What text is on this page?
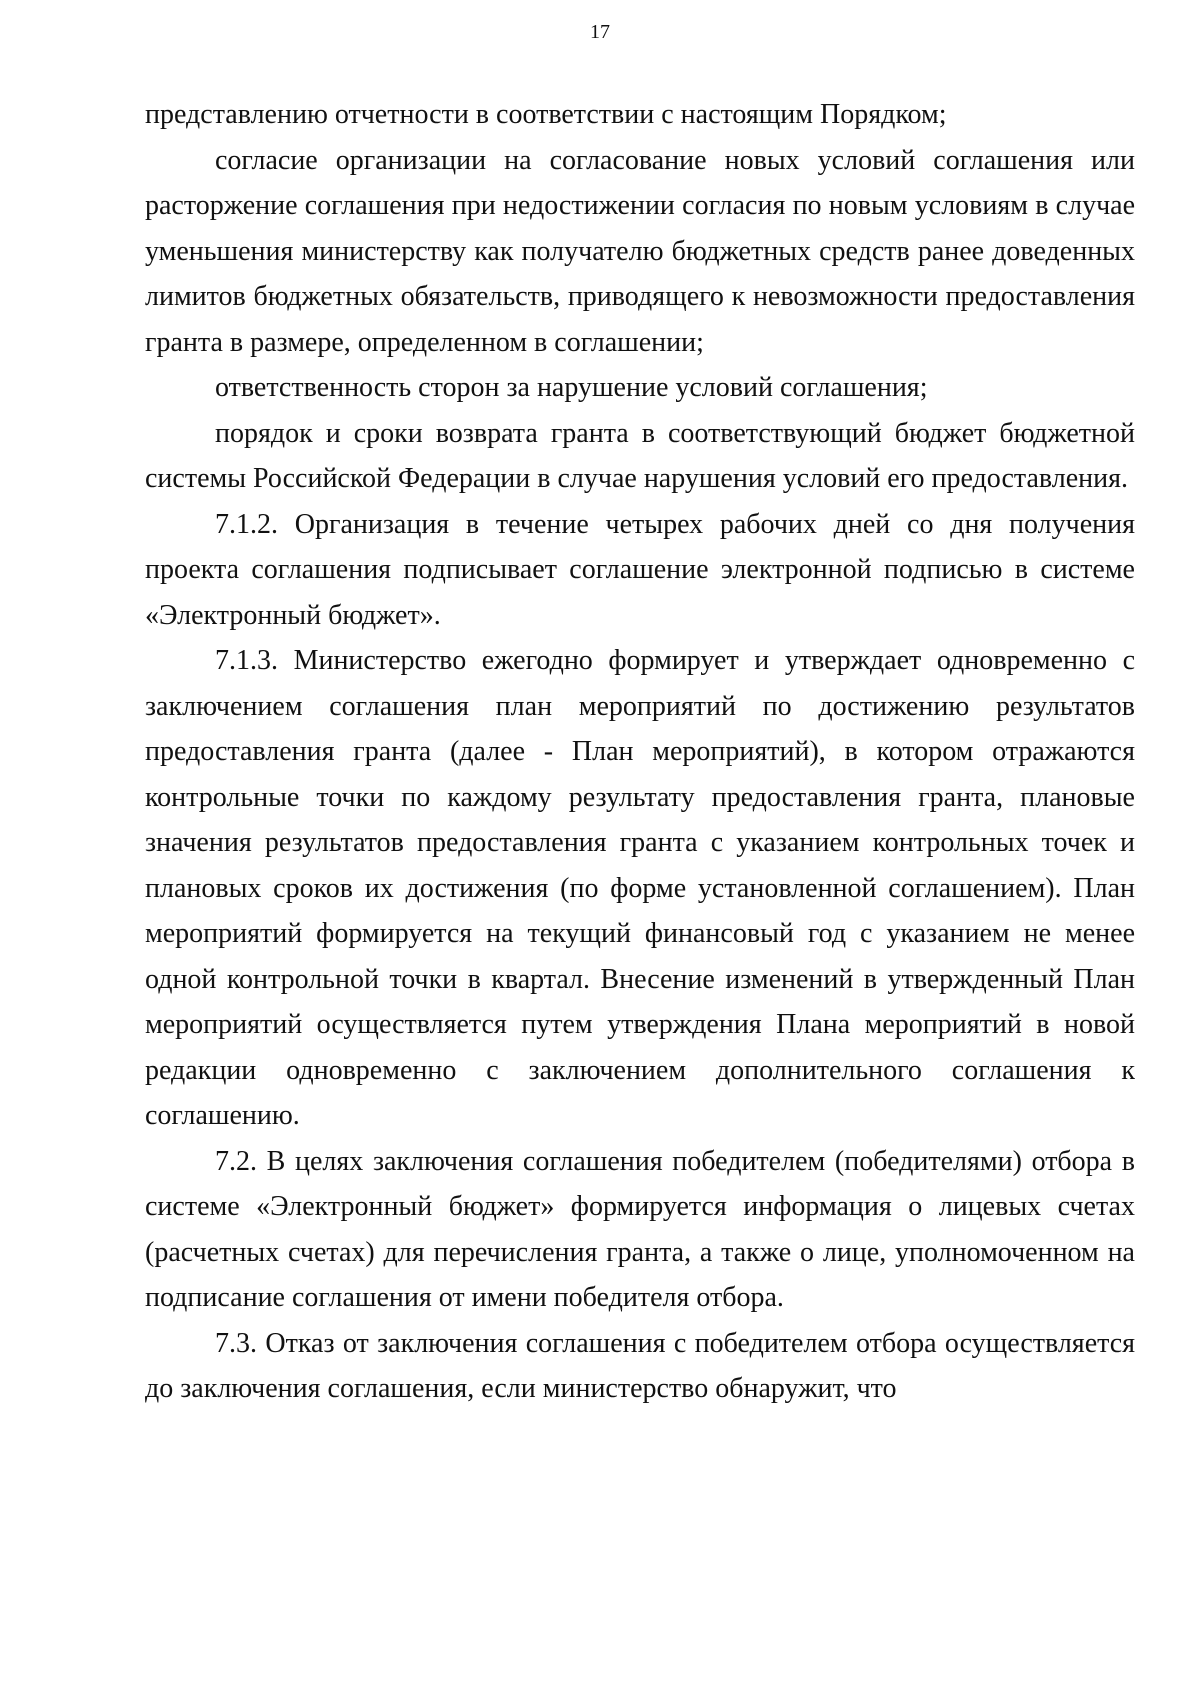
17

представлению отчетности в соответствии с настоящим Порядком;

согласие организации на согласование новых условий соглашения или расторжение соглашения при недостижении согласия по новым условиям в случае уменьшения министерству как получателю бюджетных средств ранее доведенных лимитов бюджетных обязательств, приводящего к невозможности предоставления гранта в размере, определенном в соглашении;

ответственность сторон за нарушение условий соглашения;

порядок и сроки возврата гранта в соответствующий бюджет бюджетной системы Российской Федерации в случае нарушения условий его предоставления.

7.1.2. Организация в течение четырех рабочих дней со дня получения проекта соглашения подписывает соглашение электронной подписью в системе «Электронный бюджет».

7.1.3. Министерство ежегодно формирует и утверждает одновременно с заключением соглашения план мероприятий по достижению результатов предоставления гранта (далее - План мероприятий), в котором отражаются контрольные точки по каждому результату предоставления гранта, плановые значения результатов предоставления гранта с указанием контрольных точек и плановых сроков их достижения (по форме установленной соглашением). План мероприятий формируется на текущий финансовый год с указанием не менее одной контрольной точки в квартал. Внесение изменений в утвержденный План мероприятий осуществляется путем утверждения Плана мероприятий в новой редакции одновременно с заключением дополнительного соглашения к соглашению.

7.2. В целях заключения соглашения победителем (победителями) отбора в системе «Электронный бюджет» формируется информация о лицевых счетах (расчетных счетах) для перечисления гранта, а также о лице, уполномоченном на подписание соглашения от имени победителя отбора.

7.3. Отказ от заключения соглашения с победителем отбора осуществляется до заключения соглашения, если министерство обнаружит, что
